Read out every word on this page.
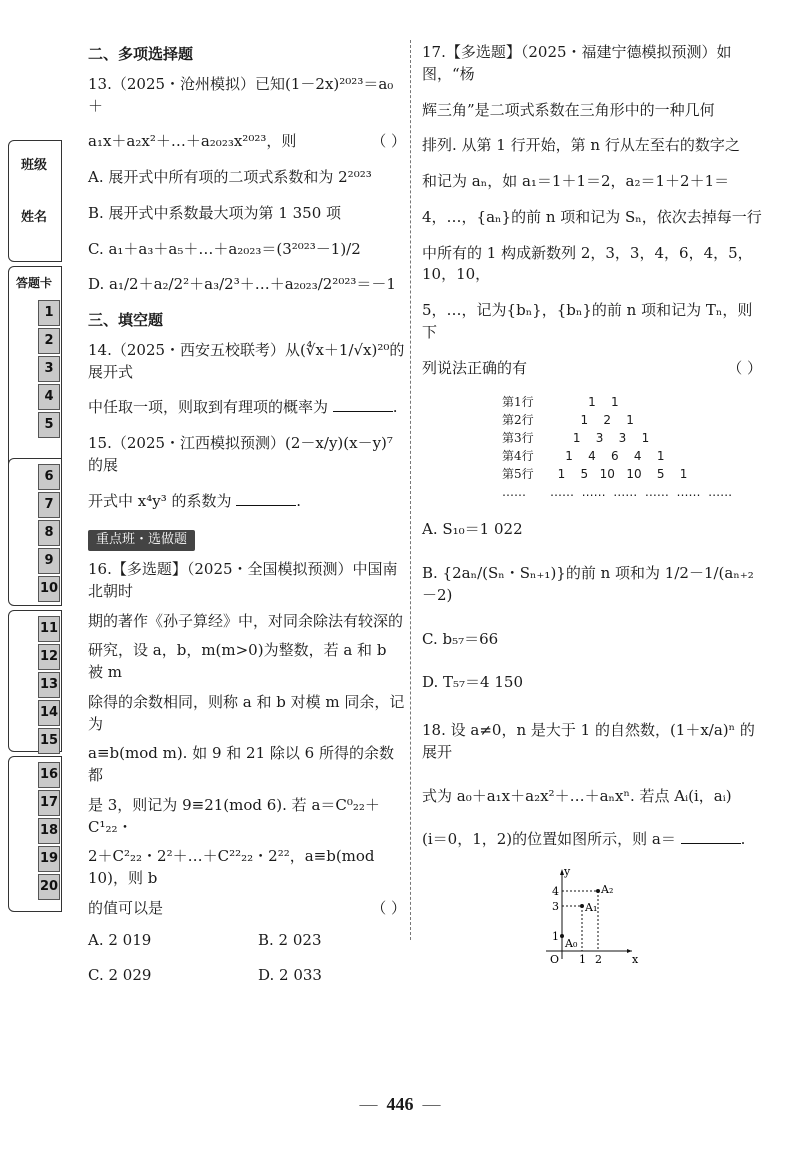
班级
姓名
答题卡
1
2
3
4
5
6
7
8
9
10
11
12
13
14
15
16
17
18
19
20
二、多项选择题
13.（2025・沧州模拟）已知(1－2x)²⁰²³＝a₀＋
a₁x＋a₂x²＋…＋a₂₀₂₃x²⁰²³，则	（ ）
A. 展开式中所有项的二项式系数和为 2²⁰²³
B. 展开式中系数最大项为第 1 350 项
C. a₁＋a₃＋a₅＋…＋a₂₀₂₃＝(3²⁰²³－1)/2
D. a₁/2＋a₂/2²＋a₃/2³＋…＋a₂₀₂₃/2²⁰²³＝－1
三、填空题
14.（2025・西安五校联考）从(∜x＋1/√x)²⁰的展开式
中任取一项，则取到有理项的概率为	.
15.（2025・江西模拟预测）(2－x/y)(x－y)⁷的展
开式中 x⁴y³ 的系数为	.
重点班・选做题
16.【多选题】（2025・全国模拟预测）中国南北朝时
期的著作《孙子算经》中，对同余除法有较深的
研究，设 a，b，m(m>0)为整数，若 a 和 b 被 m
除得的余数相同，则称 a 和 b 对模 m 同余，记为
a≡b(mod m). 如 9 和 21 除以 6 所得的余数都
是 3，则记为 9≡21(mod 6). 若 a＝C⁰₂₂＋C¹₂₂・
2＋C²₂₂・2²＋…＋C²²₂₂・2²²，a≡b(mod 10)，则 b
的值可以是	（ ）
A. 2 019	B. 2 023
C. 2 029	D. 2 033
17.【多选题】（2025・福建宁德模拟预测）如图，“杨
辉三角”是二项式系数在三角形中的一种几何
排列. 从第 1 行开始，第 n 行从左至右的数字之
和记为 aₙ，如 a₁＝1＋1＝2，a₂＝1＋2＋1＝
4，…，{aₙ}的前 n 项和记为 Sₙ，依次去掉每一行
中所有的 1 构成新数列 2，3，3，4，6，4，5，10，10，
5，…，记为{bₙ}，{bₙ}的前 n 项和记为 Tₙ，则下
列说法正确的有	（ ）
第1行	1    1
第2行	1    2    1
第3行	1    3    3    1
第4行	1    4    6    4    1
第5行	1    5   10   10    5    1
……	……  ……  ……  ……  ……  ……
A. S₁₀＝1 022
B. {2aₙ/(Sₙ・Sₙ₊₁)}的前 n 项和为 1/2－1/(aₙ₊₂－2)
C. b₅₇＝66
D. T₅₇＝4 150
18. 设 a≠0，n 是大于 1 的自然数，(1＋x/a)ⁿ 的展开
式为 a₀＋a₁x＋a₂x²＋…＋aₙxⁿ. 若点 Aᵢ(i，aᵢ)
(i＝0，1，2)的位置如图所示，则 a＝	.
y
x
O
4
3
1
1 2
A₀
A₁
A₂
—  446  —
